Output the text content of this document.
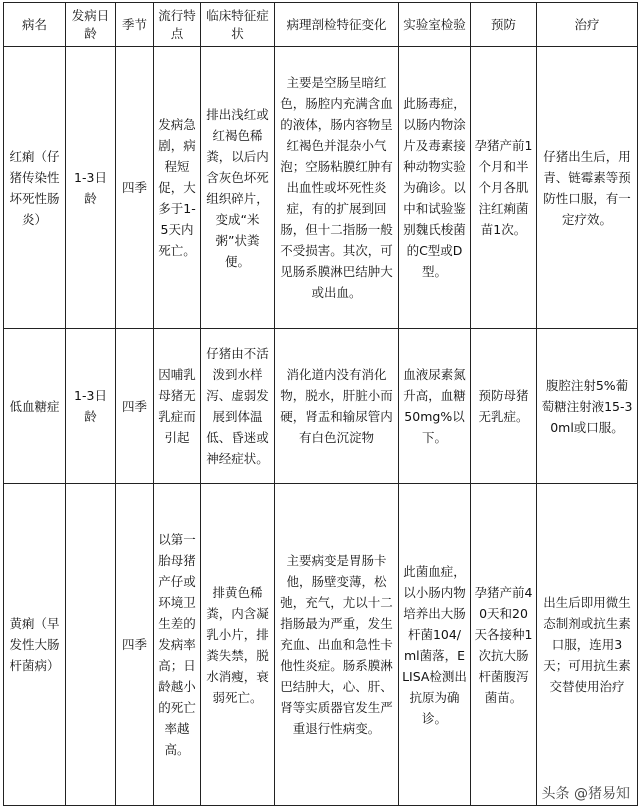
病名	发病日龄	季节	流行特点	临床特征症状	病理剖检特征变化	实验室检验	预防	治疗
红痢（仔猪传染性坏死性肠炎）	1-3日龄	四季	发病急剧，病程短促，大多于1-5天内死亡。	排出浅红或红褐色稀粪，以后内含灰色坏死组织碎片，变成“米粥”状粪便。	主要是空肠呈暗红色，肠腔内充满含血的液体，肠内容物呈红褐色并混杂小气泡；空肠粘膜红肿有出血性或坏死性炎症，有的扩展到回肠，但十二指肠一般不受损害。其次，可见肠系膜淋巴结肿大或出血。	此肠毒症，以肠内物涂片及毒素接种动物实验为确诊。以中和试验鉴别魏氏梭菌的C型或D型。	孕猪产前1个月和半个月各肌注红痢菌苗1次。	仔猪出生后，用青、链霉素等预防性口服，有一定疗效。
低血糖症	1-3日龄	四季	因哺乳母猪无乳症而引起	仔猪由不活泼到水样泻、虚弱发展到体温低、昏迷或神经症状。	消化道内没有消化物，脱水，肝脏小而硬，肾盂和输尿管内有白色沉淀物	血液尿素氮升高，血糖50mg%以下。	预防母猪无乳症。	腹腔注射5%葡萄糖注射液15-30ml或口服。
黄痢（早发性大肠杆菌病）		四季	以第一胎母猪产仔或环境卫生差的发病率高；日龄越小的死亡率越高。	排黄色稀粪，内含凝乳小片，排粪失禁，脱水消瘦，衰弱死亡。	主要病变是胃肠卡他，肠壁变薄，松弛，充气，尤以十二指肠最为严重，发生充血、出血和急性卡他性炎症。肠系膜淋巴结肿大，心、肝、肾等实质器官发生严重退行性病变。	此菌血症，以小肠内物培养出大肠杆菌104/ml菌落，ELISA检测出抗原为确诊。	孕猪产前40天和20天各接种1次抗大肠杆菌腹泻菌苗。	出生后即用微生态制剂或抗生素口服，连用3天；可用抗生素交替使用治疗
头条 @猪易知
